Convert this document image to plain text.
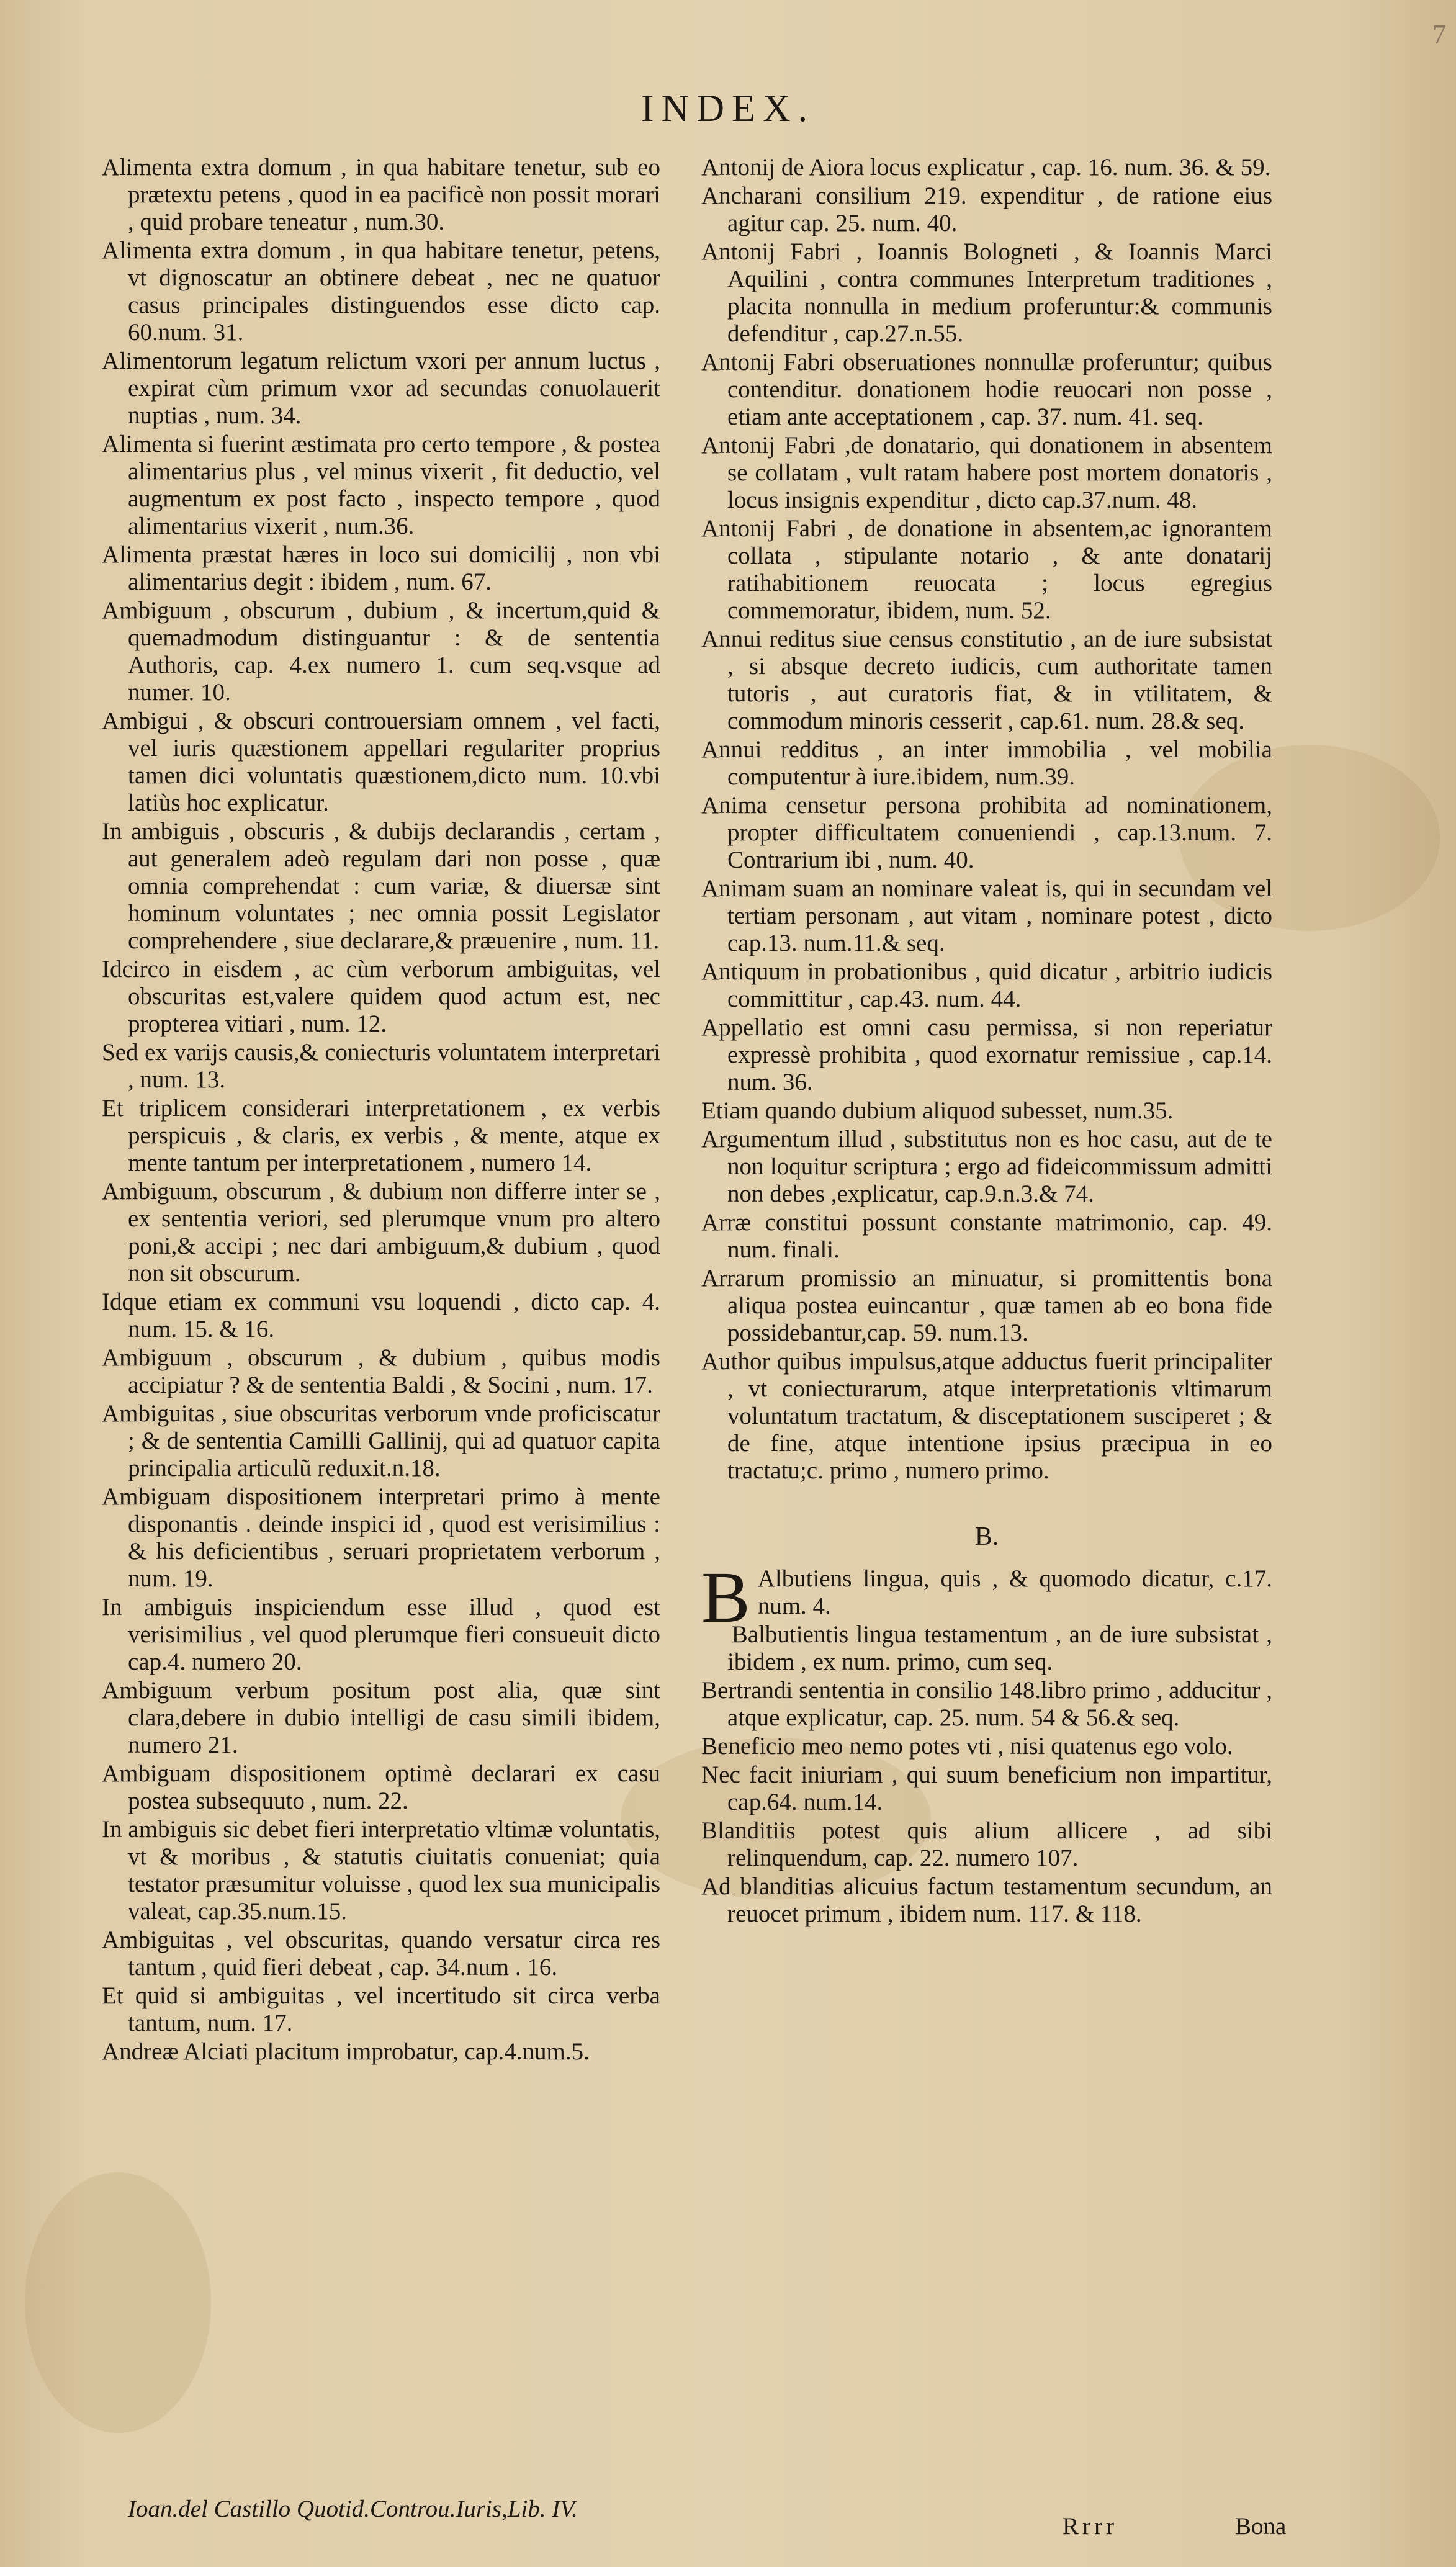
7
INDEX.

Alimenta extra domum , in qua habitare tenetur, sub eo prætextu petens , quod in ea pacificè non possit morari , quid probare teneatur , num.30.

Alimenta extra domum , in qua habitare tenetur, petens, vt dignoscatur an obtinere debeat , nec ne quatuor casus principales distinguendos esse dicto cap. 60.num. 31.

Alimentorum legatum relictum vxori per annum luctus , expirat cùm primum vxor ad secundas conuolauerit nuptias , num. 34.

Alimenta si fuerint æstimata pro certo tempore , & postea alimentarius plus , vel minus vixerit , fit deductio, vel augmentum ex post facto , inspecto tempore , quod alimentarius vixerit , num.36.

Alimenta præstat hæres in loco sui domicilij , non vbi alimentarius degit : ibidem , num. 67.

Ambiguum , obscurum , dubium , & incertum,quid & quemadmodum distinguantur : & de sententia Authoris, cap. 4.ex numero 1. cum seq.vsque ad numer. 10.

Ambigui , & obscuri controuersiam omnem , vel facti, vel iuris quæstionem appellari regulariter proprius tamen dici voluntatis quæstionem,dicto num. 10.vbi latiùs hoc explicatur.

In ambiguis , obscuris , & dubijs declarandis , certam , aut generalem adeò regulam dari non posse , quæ omnia comprehendat : cum variæ, & diuersæ sint hominum voluntates ; nec omnia possit Legislator comprehendere , siue declarare,& præuenire , num. 11.

Idcirco in eisdem , ac cùm verborum ambiguitas, vel obscuritas est,valere quidem quod actum est, nec propterea vitiari , num. 12.

Sed ex varijs causis,& coniecturis voluntatem interpretari , num. 13.

Et triplicem considerari interpretationem , ex verbis perspicuis , & claris, ex verbis , & mente, atque ex mente tantum per interpretationem , numero 14.

Ambiguum, obscurum , & dubium non differre inter se , ex sententia veriori, sed plerumque vnum pro altero poni,& accipi ; nec dari ambiguum,& dubium , quod non sit obscurum.

Idque etiam ex communi vsu loquendi , dicto cap. 4. num. 15. & 16.

Ambiguum , obscurum , & dubium , quibus modis accipiatur ? & de sententia Baldi , & Socini , num. 17.

Ambiguitas , siue obscuritas verborum vnde proficiscatur ; & de sententia Camilli Gallinij, qui ad quatuor capita principalia articulũ reduxit.n.18.

Ambiguam dispositionem interpretari primo à mente disponantis . deinde inspici id , quod est verisimilius : & his deficientibus , seruari proprietatem verborum , num. 19.

In ambiguis inspiciendum esse illud , quod est verisimilius , vel quod plerumque fieri consueuit dicto cap.4. numero 20.

Ambiguum verbum positum post alia, quæ sint clara,debere in dubio intelligi de casu simili ibidem, numero 21.

Ambiguam dispositionem optimè declarari ex casu postea subsequuto , num. 22.

In ambiguis sic debet fieri interpretatio vltimæ voluntatis, vt & moribus , & statutis ciuitatis conueniat; quia testator præsumitur voluisse , quod lex sua municipalis valeat, cap.35.num.15.

Ambiguitas , vel obscuritas, quando versatur circa res tantum , quid fieri debeat , cap. 34.num . 16.

Et quid si ambiguitas , vel incertitudo sit circa verba tantum, num. 17.

Andreæ Alciati placitum improbatur, cap.4.num.5.

Antonij de Aiora locus explicatur , cap. 16. num. 36. & 59.

Ancharani consilium 219. expenditur , de ratione eius agitur cap. 25. num. 40.

Antonij Fabri , Ioannis Bologneti , & Ioannis Marci Aquilini , contra communes Interpretum traditiones , placita nonnulla in medium proferuntur:& communis defenditur , cap.27.n.55.

Antonij Fabri obseruationes nonnullæ proferuntur; quibus contenditur. donationem hodie reuocari non posse , etiam ante acceptationem , cap. 37. num. 41. seq.

Antonij Fabri ,de donatario, qui donationem in absentem se collatam , vult ratam habere post mortem donatoris , locus insignis expenditur , dicto cap.37.num. 48.

Antonij Fabri , de donatione in absentem,ac ignorantem collata , stipulante notario , & ante donatarij ratihabitionem reuocata ; locus egregius commemoratur, ibidem, num. 52.

Annui reditus siue census constitutio , an de iure subsistat , si absque decreto iudicis, cum authoritate tamen tutoris , aut curatoris fiat, & in vtilitatem, & commodum minoris cesserit , cap.61. num. 28.& seq.

Annui redditus , an inter immobilia , vel mobilia computentur à iure.ibidem, num.39.

Anima censetur persona prohibita ad nominationem, propter difficultatem conueniendi , cap.13.num. 7. Contrarium ibi , num. 40.

Animam suam an nominare valeat is, qui in secundam vel tertiam personam , aut vitam , nominare potest , dicto cap.13. num.11.& seq.

Antiquum in probationibus , quid dicatur , arbitrio iudicis committitur , cap.43. num. 44.

Appellatio est omni casu permissa, si non reperiatur expressè prohibita , quod exornatur remissiue , cap.14. num. 36.

Etiam quando dubium aliquod subesset, num.35.

Argumentum illud , substitutus non es hoc casu, aut de te non loquitur scriptura ; ergo ad fideicommissum admitti non debes ,explicatur, cap.9.n.3.& 74.

Arræ constitui possunt constante matrimonio, cap. 49. num. finali.

Arrarum promissio an minuatur, si promittentis bona aliqua postea euincantur , quæ tamen ab eo bona fide possidebantur,cap. 59. num.13.

Author quibus impulsus,atque adductus fuerit principaliter , vt coniecturarum, atque interpretationis vltimarum voluntatum tractatum, & disceptationem susciperet ; & de fine, atque intentione ipsius præcipua in eo tractatu;c. primo , numero primo.

B.

B Albutiens lingua, quis , & quomodo dicatur, c.17. num. 4.

Balbutientis lingua testamentum , an de iure subsistat , ibidem , ex num. primo, cum seq.

Bertrandi sententia in consilio 148.libro primo , adducitur , atque explicatur, cap. 25. num. 54 & 56.& seq.

Beneficio meo nemo potes vti , nisi quatenus ego volo.

Nec facit iniuriam , qui suum beneficium non impartitur, cap.64. num.14.

Blanditiis potest quis alium allicere , ad sibi relinquendum, cap. 22. numero 107.

Ad blanditias alicuius factum testamentum secundum, an reuocet primum , ibidem num. 117. & 118.

Ioan.del Castillo Quotid.Controu.Iuris,Lib. IV.
Rrrr	Bona
